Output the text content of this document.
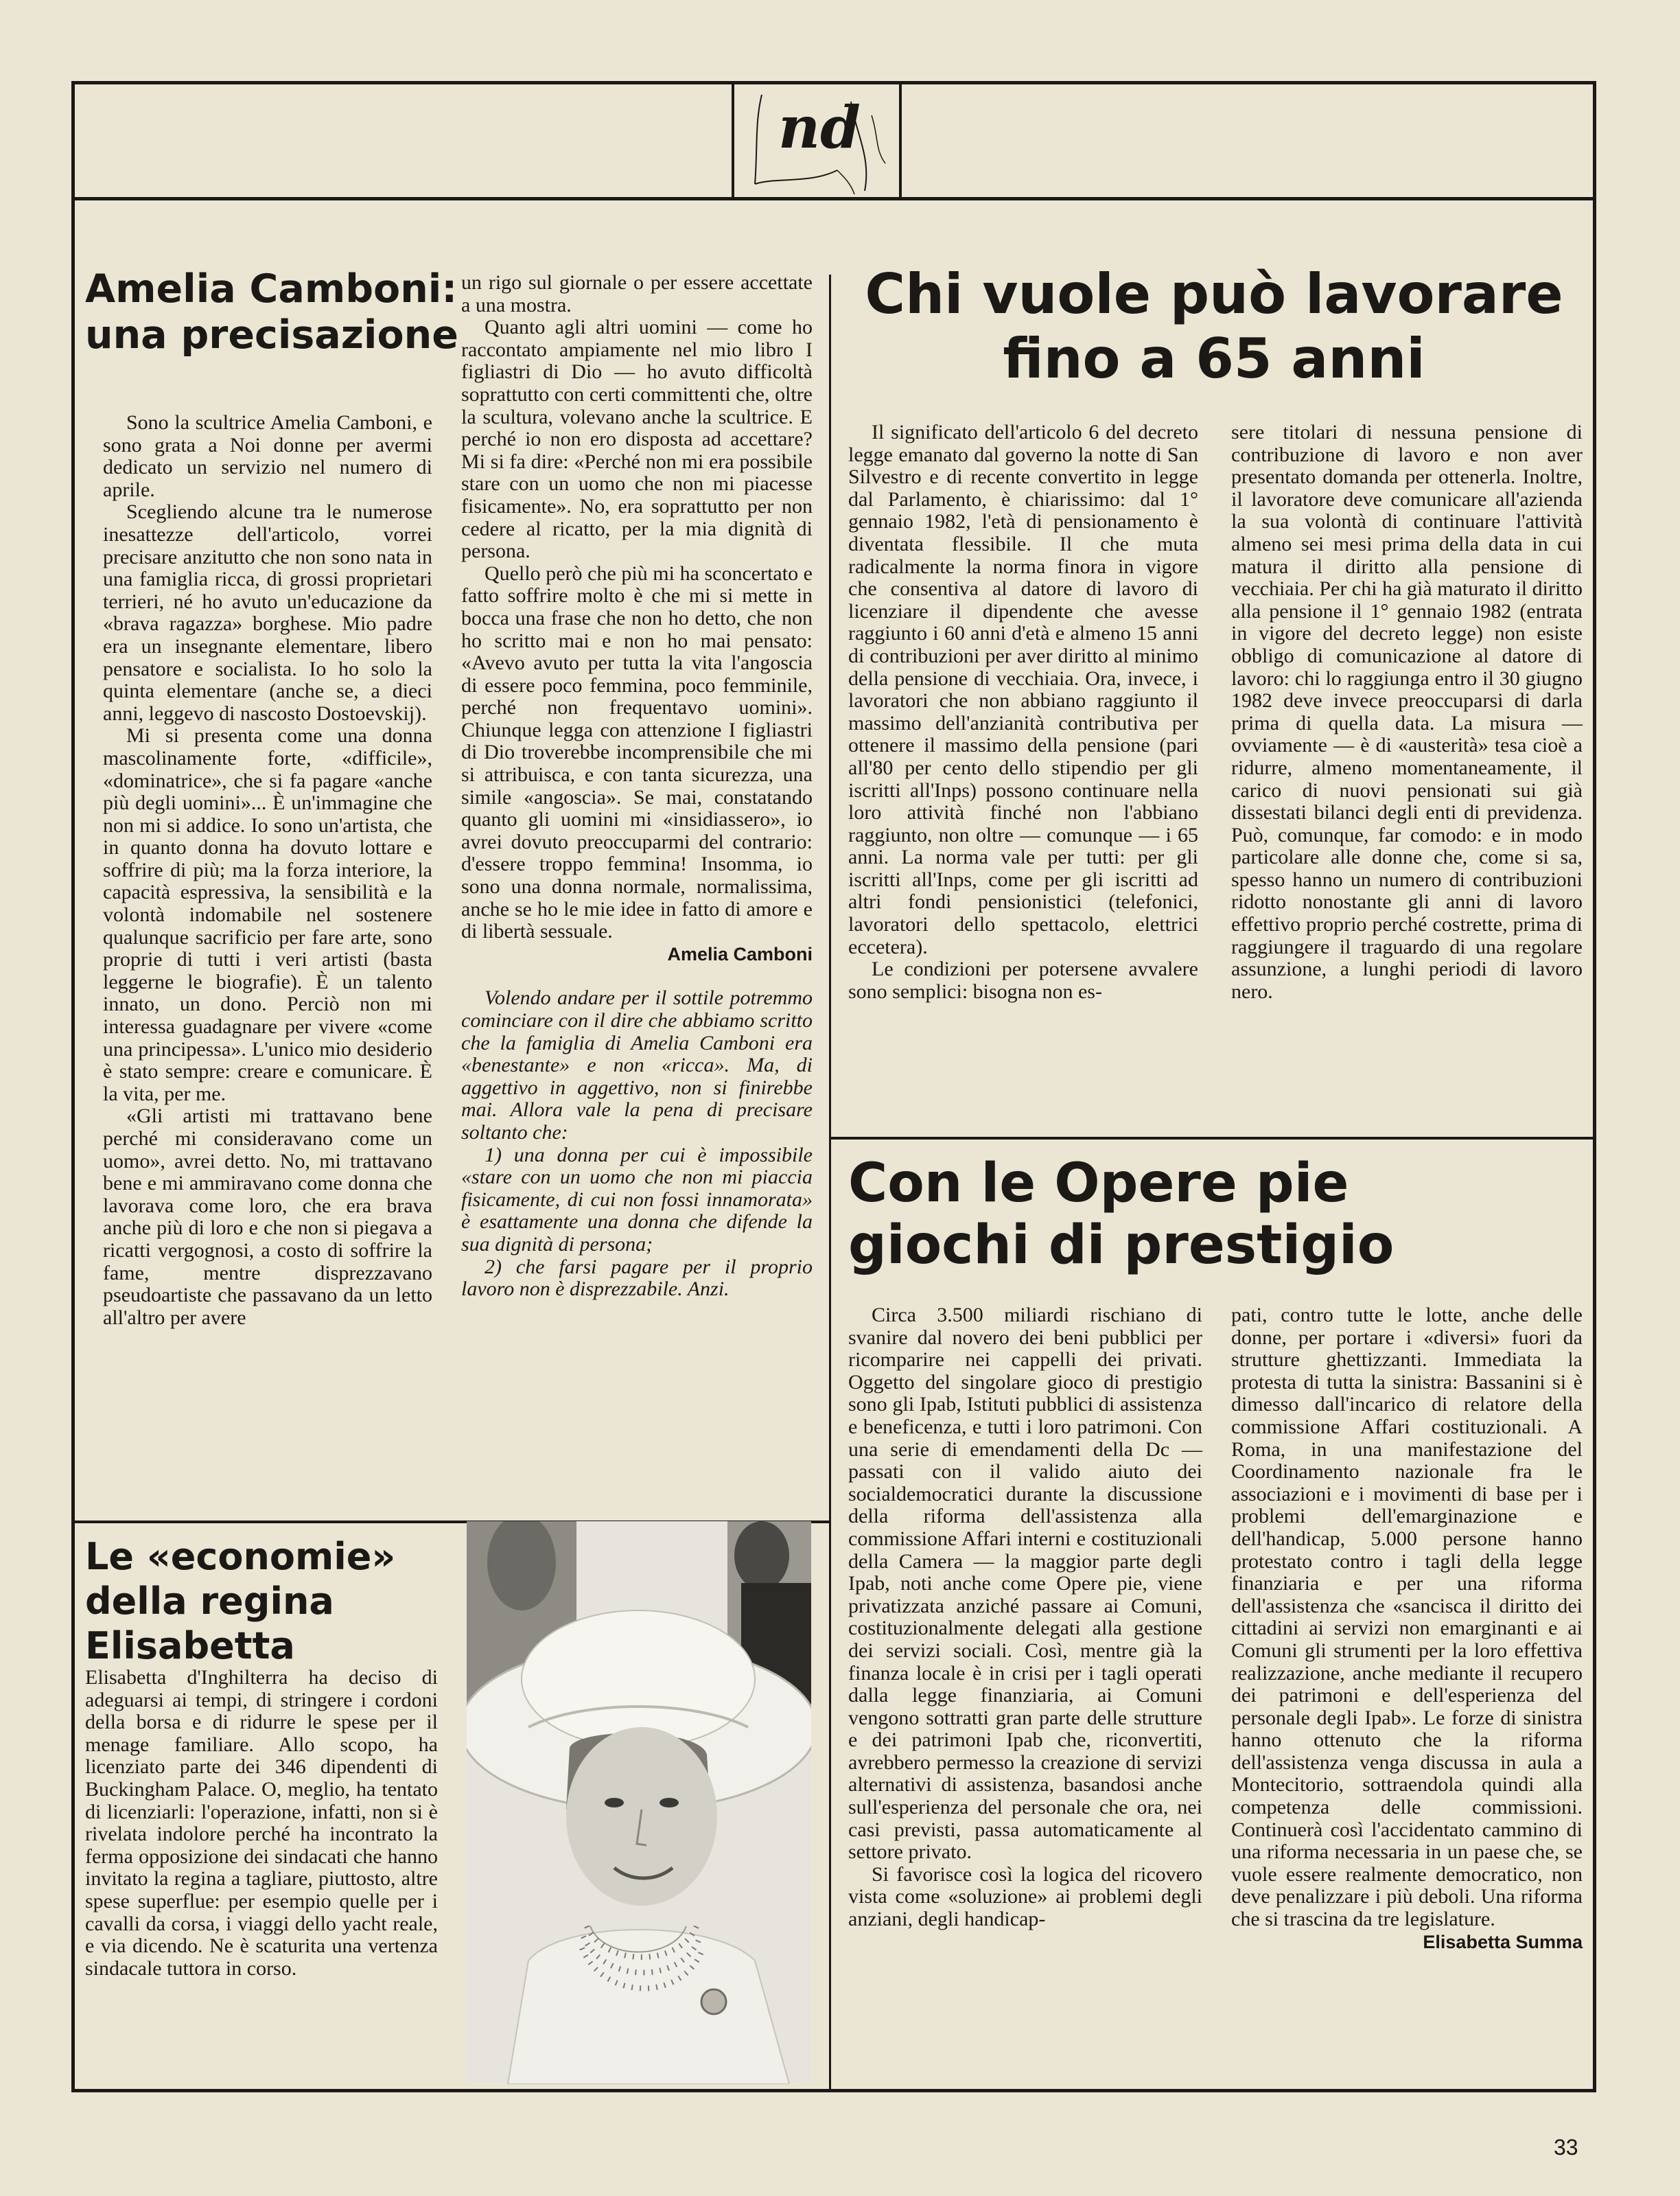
nd
Amelia Camboni:
una precisazione

Sono la scultrice Amelia Camboni, e sono grata a Noi donne per avermi dedicato un servizio nel numero di aprile.

Scegliendo alcune tra le numerose inesattezze dell'articolo, vorrei precisare anzitutto che non sono nata in una famiglia ricca, di grossi proprietari terrieri, né ho avuto un'educazione da «brava ragazza» borghese. Mio padre era un insegnante elementare, libero pensatore e socialista. Io ho solo la quinta elementare (anche se, a dieci anni, leggevo di nascosto Dostoevskij).

Mi si presenta come una donna mascolinamente forte, «difficile», «dominatrice», che si fa pagare «anche più degli uomini»... È un'immagine che non mi si addice. Io sono un'artista, che in quanto donna ha dovuto lottare e soffrire di più; ma la forza interiore, la capacità espressiva, la sensibilità e la volontà indomabile nel sostenere qualunque sacrificio per fare arte, sono proprie di tutti i veri artisti (basta leggerne le biografie). È un talento innato, un dono. Perciò non mi interessa guadagnare per vivere «come una principessa». L'unico mio desiderio è stato sempre: creare e comunicare. È la vita, per me.

«Gli artisti mi trattavano bene perché mi consideravano come un uomo», avrei detto. No, mi trattavano bene e mi ammiravano come donna che lavorava come loro, che era brava anche più di loro e che non si piegava a ricatti vergognosi, a costo di soffrire la fame, mentre disprezzavano pseudoartiste che passavano da un letto all'altro per avere

un rigo sul giornale o per essere accettate a una mostra.

Quanto agli altri uomini — come ho raccontato ampiamente nel mio libro I figliastri di Dio — ho avuto difficoltà soprattutto con certi committenti che, oltre la scultura, volevano anche la scultrice. E perché io non ero disposta ad accettare? Mi si fa dire: «Perché non mi era possibile stare con un uomo che non mi piacesse fisicamente». No, era soprattutto per non cedere al ricatto, per la mia dignità di persona.

Quello però che più mi ha sconcertato e fatto soffrire molto è che mi si mette in bocca una frase che non ho detto, che non ho scritto mai e non ho mai pensato: «Avevo avuto per tutta la vita l'angoscia di essere poco femmina, poco femminile, perché non frequentavo uomini». Chiunque legga con attenzione I figliastri di Dio troverebbe incomprensibile che mi si attribuisca, e con tanta sicurezza, una simile «angoscia». Se mai, constatando quanto gli uomini mi «insidiassero», io avrei dovuto preoccuparmi del contrario: d'essere troppo femmina! Insomma, io sono una donna normale, normalissima, anche se ho le mie idee in fatto di amore e di libertà sessuale.

Amelia Camboni

Volendo andare per il sottile potremmo cominciare con il dire che abbiamo scritto che la famiglia di Amelia Camboni era «benestante» e non «ricca». Ma, di aggettivo in aggettivo, non si finirebbe mai. Allora vale la pena di precisare soltanto che:

1) una donna per cui è impossibile «stare con un uomo che non mi piaccia fisicamente, di cui non fossi innamorata» è esattamente una donna che difende la sua dignità di persona;

2) che farsi pagare per il proprio lavoro non è disprezzabile. Anzi.

Chi vuole può lavorare
fino a 65 anni

Il significato dell'articolo 6 del decreto legge emanato dal governo la notte di San Silvestro e di recente convertito in legge dal Parlamento, è chiarissimo: dal 1° gennaio 1982, l'età di pensionamento è diventata flessibile. Il che muta radicalmente la norma finora in vigore che consentiva al datore di lavoro di licenziare il dipendente che avesse raggiunto i 60 anni d'età e almeno 15 anni di contribuzioni per aver diritto al minimo della pensione di vecchiaia. Ora, invece, i lavoratori che non abbiano raggiunto il massimo dell'anzianità contributiva per ottenere il massimo della pensione (pari all'80 per cento dello stipendio per gli iscritti all'Inps) possono continuare nella loro attività finché non l'abbiano raggiunto, non oltre — comunque — i 65 anni. La norma vale per tutti: per gli iscritti all'Inps, come per gli iscritti ad altri fondi pensionistici (telefonici, lavoratori dello spettacolo, elettrici eccetera).

Le condizioni per potersene avvalere sono semplici: bisogna non es-

sere titolari di nessuna pensione di contribuzione di lavoro e non aver presentato domanda per ottenerla. Inoltre, il lavoratore deve comunicare all'azienda la sua volontà di continuare l'attività almeno sei mesi prima della data in cui matura il diritto alla pensione di vecchiaia. Per chi ha già maturato il diritto alla pensione il 1° gennaio 1982 (entrata in vigore del decreto legge) non esiste obbligo di comunicazione al datore di lavoro: chi lo raggiunga entro il 30 giugno 1982 deve invece preoccuparsi di darla prima di quella data. La misura — ovviamente — è di «austerità» tesa cioè a ridurre, almeno momentaneamente, il carico di nuovi pensionati sui già dissestati bilanci degli enti di previdenza. Può, comunque, far comodo: e in modo particolare alle donne che, come si sa, spesso hanno un numero di contribuzioni ridotto nonostante gli anni di lavoro effettivo proprio perché costrette, prima di raggiungere il traguardo di una regolare assunzione, a lunghi periodi di lavoro nero.

Con le Opere pie
giochi di prestigio

Circa 3.500 miliardi rischiano di svanire dal novero dei beni pubblici per ricomparire nei cappelli dei privati. Oggetto del singolare gioco di prestigio sono gli Ipab, Istituti pubblici di assistenza e beneficenza, e tutti i loro patrimoni. Con una serie di emendamenti della Dc — passati con il valido aiuto dei socialdemocratici durante la discussione della riforma dell'assistenza alla commissione Affari interni e costituzionali della Camera — la maggior parte degli Ipab, noti anche come Opere pie, viene privatizzata anziché passare ai Comuni, costituzionalmente delegati alla gestione dei servizi sociali. Così, mentre già la finanza locale è in crisi per i tagli operati dalla legge finanziaria, ai Comuni vengono sottratti gran parte delle strutture e dei patrimoni Ipab che, riconvertiti, avrebbero permesso la creazione di servizi alternativi di assistenza, basandosi anche sull'esperienza del personale che ora, nei casi previsti, passa automaticamente al settore privato.

Si favorisce così la logica del ricovero vista come «soluzione» ai problemi degli anziani, degli handicap-

pati, contro tutte le lotte, anche delle donne, per portare i «diversi» fuori da strutture ghettizzanti. Immediata la protesta di tutta la sinistra: Bassanini si è dimesso dall'incarico di relatore della commissione Affari costituzionali. A Roma, in una manifestazione del Coordinamento nazionale fra le associazioni e i movimenti di base per i problemi dell'emarginazione e dell'handicap, 5.000 persone hanno protestato contro i tagli della legge finanziaria e per una riforma dell'assistenza che «sancisca il diritto dei cittadini ai servizi non emarginanti e ai Comuni gli strumenti per la loro effettiva realizzazione, anche mediante il recupero dei patrimoni e dell'esperienza del personale degli Ipab». Le forze di sinistra hanno ottenuto che la riforma dell'assistenza venga discussa in aula a Montecitorio, sottraendola quindi alla competenza delle commissioni. Continuerà così l'accidentato cammino di una riforma necessaria in un paese che, se vuole essere realmente democratico, non deve penalizzare i più deboli. Una riforma che si trascina da tre legislature.
Elisabetta Summa

Le «economie»
della regina
Elisabetta

Elisabetta d'Inghilterra ha deciso di adeguarsi ai tempi, di stringere i cordoni della borsa e di ridurre le spese per il menage familiare. Allo scopo, ha licenziato parte dei 346 dipendenti di Buckingham Palace. O, meglio, ha tentato di licenziarli: l'operazione, infatti, non si è rivelata indolore perché ha incontrato la ferma opposizione dei sindacati che hanno invitato la regina a tagliare, piuttosto, altre spese superflue: per esempio quelle per i cavalli da corsa, i viaggi dello yacht reale, e via dicendo. Ne è scaturita una vertenza sindacale tuttora in corso.

33
